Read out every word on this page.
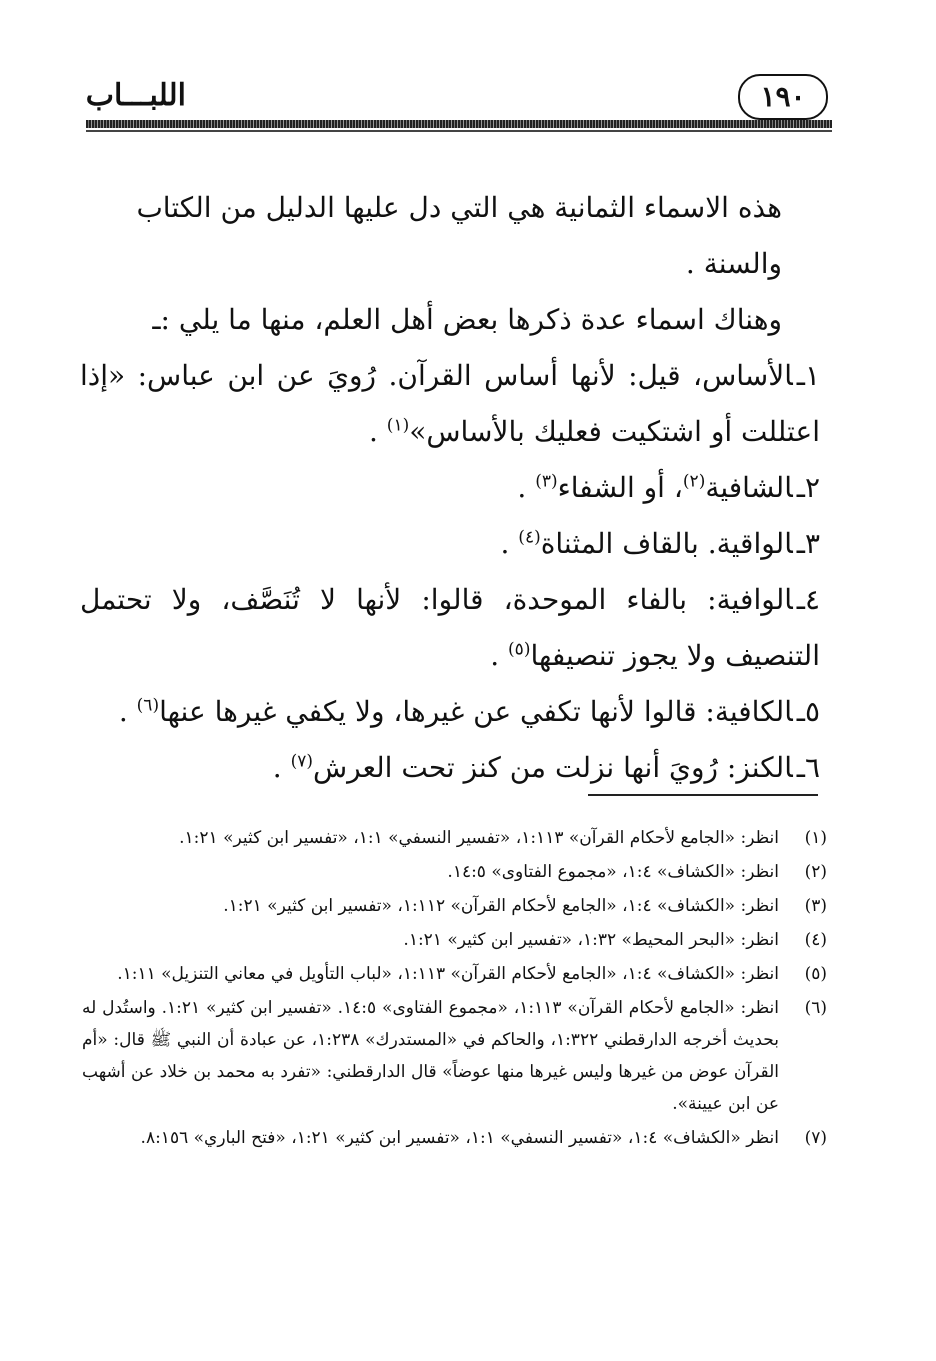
١٩٠
اللبـــاب

هذه الاسماء الثمانية هي التي دل عليها الدليل من الكتاب والسنة .

وهناك اسماء عدة ذكرها بعض أهل العلم، منها ما يلي :ـ

١ـالأساس، قيل: لأنها أساس القرآن. رُويَ عن ابن عباس: «إذا اعتللت أو اشتكيت فعليك بالأساس»$^{(١)}$ .

٢ـالشافية$^{(٢)}$، أو الشفاء$^{(٣)}$ .

٣ـالواقية. بالقاف المثناة$^{(٤)}$ .

٤ـالوافية: بالفاء الموحدة، قالوا: لأنها لا تُنَصَّف، ولا تحتمل التنصيف ولا يجوز تنصيفها$^{(٥)}$ .

٥ـالكافية: قالوا لأنها تكفي عن غيرها، ولا يكفي غيرها عنها$^{(٦)}$ .

٦ـالكنز: رُويَ أنها نزلت من كنز تحت العرش$^{(٧)}$ .

(١)
انظر: «الجامع لأحكام القرآن» ١:١١٣، «تفسير النسفي» ١:١، «تفسير ابن كثير» ١:٢١.
(٢)
انظر: «الكشاف» ١:٤، «مجموع الفتاوى» ١٤:٥.
(٣)
انظر: «الكشاف» ١:٤، «الجامع لأحكام القرآن» ١:١١٢، «تفسير ابن كثير» ١:٢١.
(٤)
انظر: «البحر المحيط» ١:٣٢، «تفسير ابن كثير» ١:٢١.
(٥)
انظر: «الكشاف» ١:٤، «الجامع لأحكام القرآن» ١:١١٣، «لباب التأويل في معاني التنزيل» ١:١١.
(٦)
انظر: «الجامع لأحكام القرآن» ١:١١٣، «مجموع الفتاوى» ١٤:٥. «تفسير ابن كثير» ١:٢١. واستُدل له بحديث أخرجه الدارقطني ١:٣٢٢، والحاكم في «المستدرك» ١:٢٣٨، عن عبادة أن النبي ﷺ قال: «أم القرآن عوض من غيرها وليس غيرها منها عوضاً» قال الدارقطني: «تفرد به محمد بن خلاد عن أشهب عن ابن عيينة».
(٧)
انظر «الكشاف» ١:٤، «تفسير النسفي» ١:١، «تفسير ابن كثير» ١:٢١، «فتح الباري» ٨:١٥٦.
